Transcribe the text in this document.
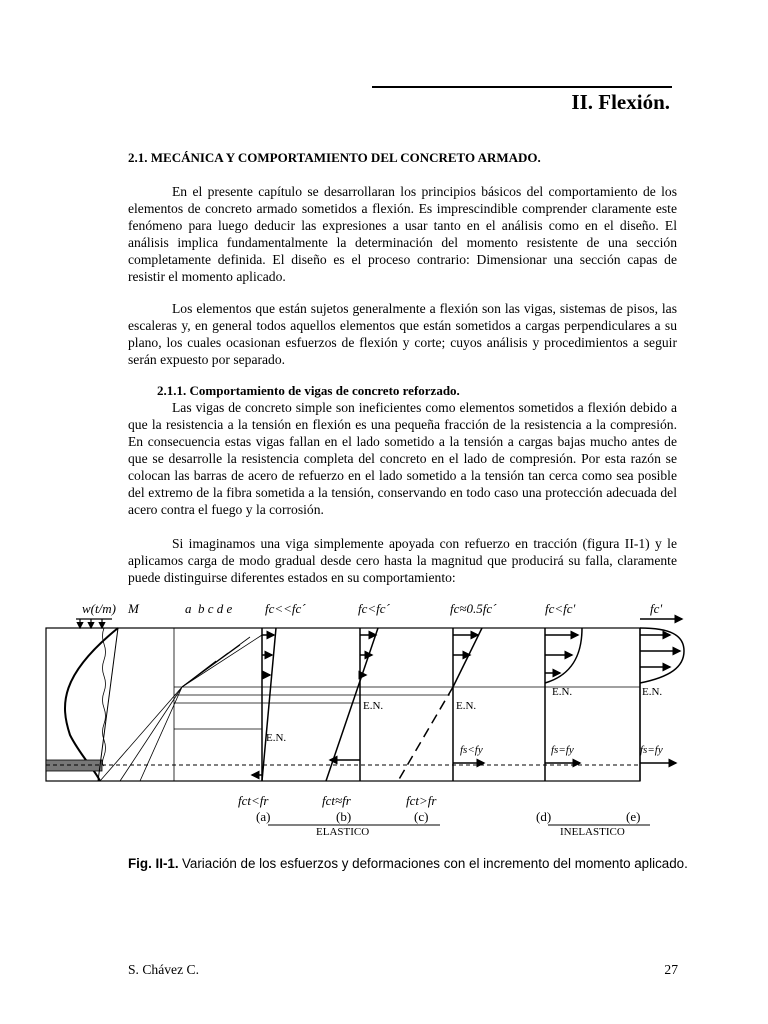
II. Flexión.
2.1. MECÁNICA Y COMPORTAMIENTO DEL CONCRETO ARMADO.

En el presente capítulo se desarrollaran los principios básicos del comportamiento de los elementos de concreto armado sometidos a flexión. Es imprescindible comprender claramente este fenómeno para luego deducir las expresiones a usar tanto en el análisis como en el diseño. El análisis implica fundamentalmente la determinación del momento resistente de una sección completamente definida. El diseño es el proceso contrario: Dimensionar una sección capas de resistir el momento aplicado.

Los elementos que están sujetos generalmente a flexión son las vigas, sistemas de pisos, las escaleras y, en general todos aquellos elementos que están sometidos a cargas perpendiculares a su plano, los cuales ocasionan esfuerzos de flexión y corte; cuyos análisis y procedimientos a seguir serán expuesto por separado.

2.1.1. Comportamiento de vigas de concreto reforzado.

Las vigas de concreto simple son ineficientes como elementos sometidos a flexión debido a que la resistencia a la tensión en flexión es una pequeña fracción de la resistencia a la compresión. En consecuencia estas vigas fallan en el lado sometido a la tensión a cargas bajas mucho antes de que se desarrolle la resistencia completa del concreto en el lado de compresión. Por esta razón se colocan las barras de acero de refuerzo en el lado sometido a la tensión tan cerca como sea posible del extremo de la fibra sometida a la tensión, conservando en todo caso una protección adecuada del acero contra el fuego y la corrosión.

Si imaginamos una viga simplemente apoyada con refuerzo en tracción (figura II-1) y le aplicamos carga de modo gradual desde cero hasta la magnitud que producirá su falla, claramente puede distinguirse diferentes estados en su comportamiento:

w(t/m) M	a  b c d e	fc<<fc´	fc<fc´	fc≈0.5fc´	fc<fc'	fc'
E.N.
E.N.	E.N.
fs<fy
E.N.
fs=fy
E.N.
fs=fy
fct<fr	fct≈fr	fct>fr
(a)	(b)	(c)	(d)	(e)
ELASTICO	INELASTICO

Fig. II-1. Variación de los esfuerzos y deformaciones con el incremento del momento aplicado.

S. Chávez C.	27
